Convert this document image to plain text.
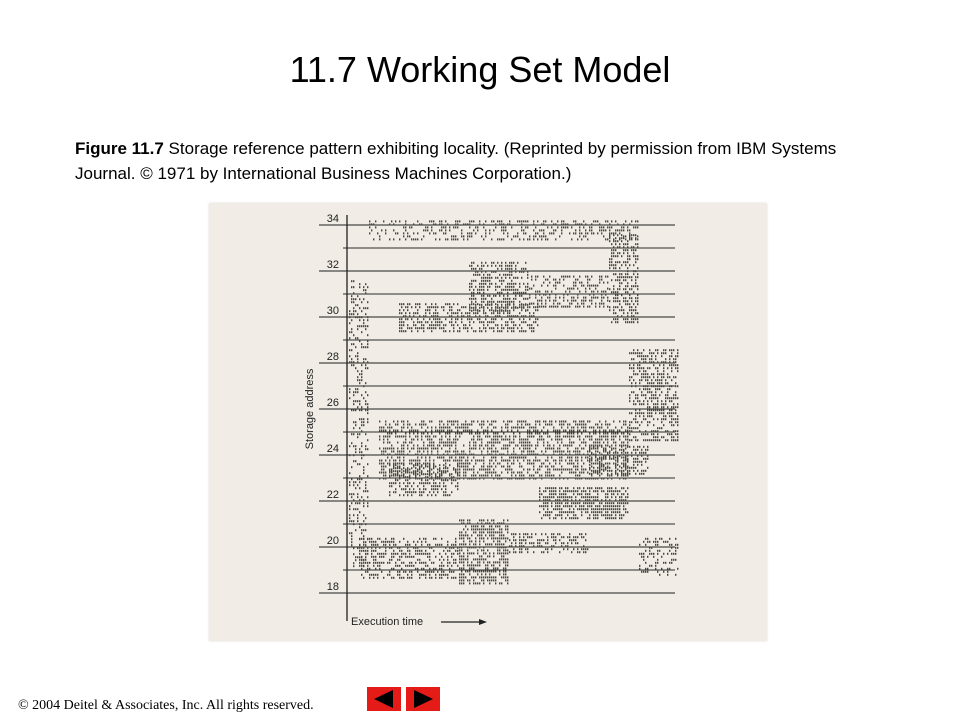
11.7 Working Set Model
Figure 11.7 Storage reference pattern exhibiting locality. (Reprinted by permission from IBM Systems Journal. © 1971 by International Business Machines Corporation.)
18
20
22
24
26
28
30
32
34
Storage address
Execution time
© 2004 Deitel & Associates, Inc. All rights reserved.
